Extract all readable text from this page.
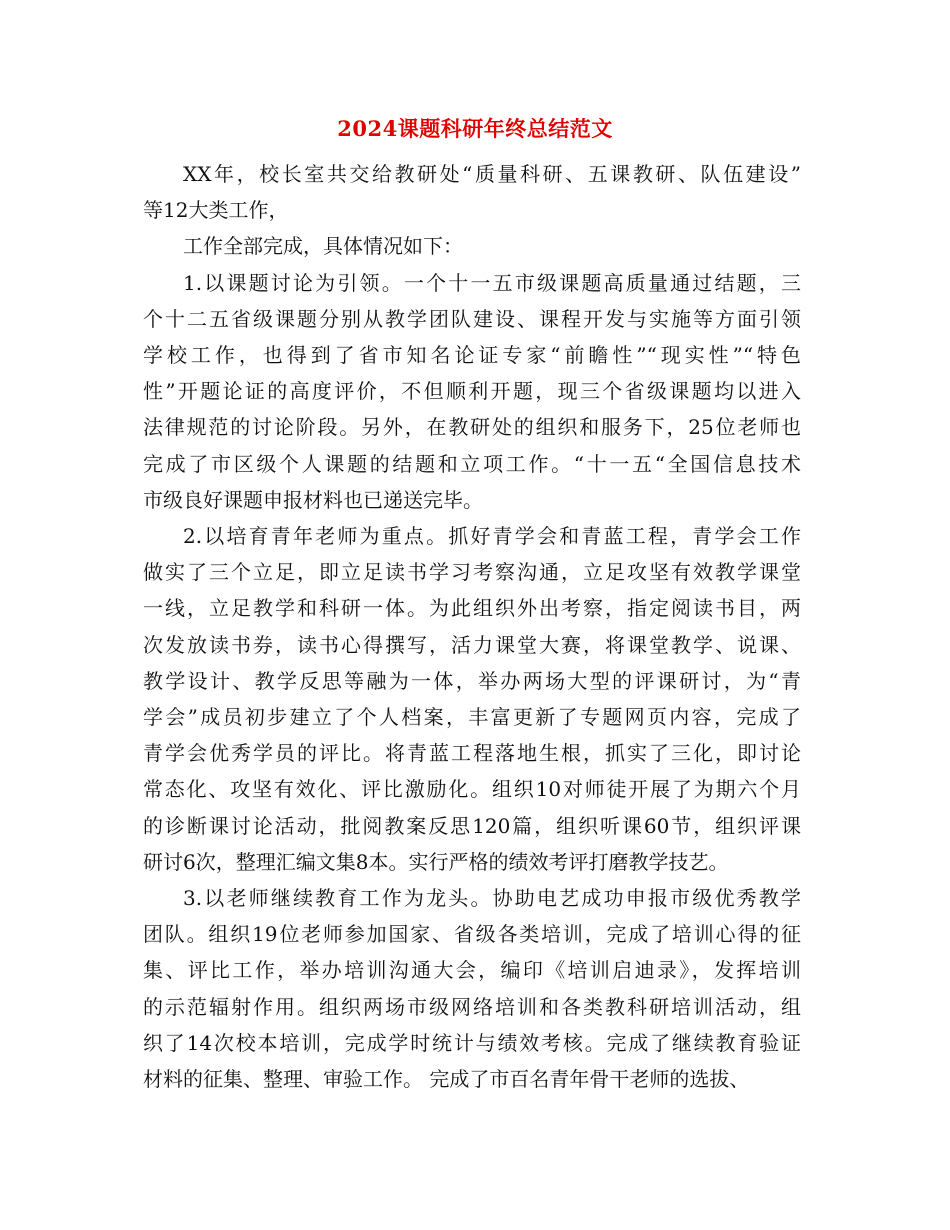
2024课题科研年终总结范文

XX年，校长室共交给教研处“质量科研、五课教研、队伍建设”
等12大类工作，

工作全部完成，具体情况如下：

1.以课题讨论为引领。一个十一五市级课题高质量通过结题，三
个十二五省级课题分别从教学团队建设、课程开发与实施等方面引领
学校工作，也得到了省市知名论证专家“前瞻性”“现实性”“特色
性”开题论证的高度评价，不但顺利开题，现三个省级课题均以进入
法律规范的讨论阶段。另外，在教研处的组织和服务下，25位老师也
完成了市区级个人课题的结题和立项工作。“十一五“全国信息技术
市级良好课题申报材料也已递送完毕。

2.以培育青年老师为重点。抓好青学会和青蓝工程，青学会工作
做实了三个立足，即立足读书学习考察沟通，立足攻坚有效教学课堂
一线，立足教学和科研一体。为此组织外出考察，指定阅读书目，两
次发放读书券，读书心得撰写，活力课堂大赛，将课堂教学、说课、
教学设计、教学反思等融为一体，举办两场大型的评课研讨，为“青
学会”成员初步建立了个人档案，丰富更新了专题网页内容，完成了
青学会优秀学员的评比。将青蓝工程落地生根，抓实了三化，即讨论
常态化、攻坚有效化、评比激励化。组织10对师徒开展了为期六个月
的诊断课讨论活动，批阅教案反思120篇，组织听课60节，组织评课
研讨6次，整理汇编文集8本。实行严格的绩效考评打磨教学技艺。

3.以老师继续教育工作为龙头。协助电艺成功申报市级优秀教学
团队。组织19位老师参加国家、省级各类培训，完成了培训心得的征
集、评比工作，举办培训沟通大会，编印《培训启迪录》，发挥培训
的示范辐射作用。组织两场市级网络培训和各类教科研培训活动，组
织了14次校本培训，完成学时统计与绩效考核。完成了继续教育验证
材料的征集、整理、审验工作。 完成了市百名青年骨干老师的选拔、
